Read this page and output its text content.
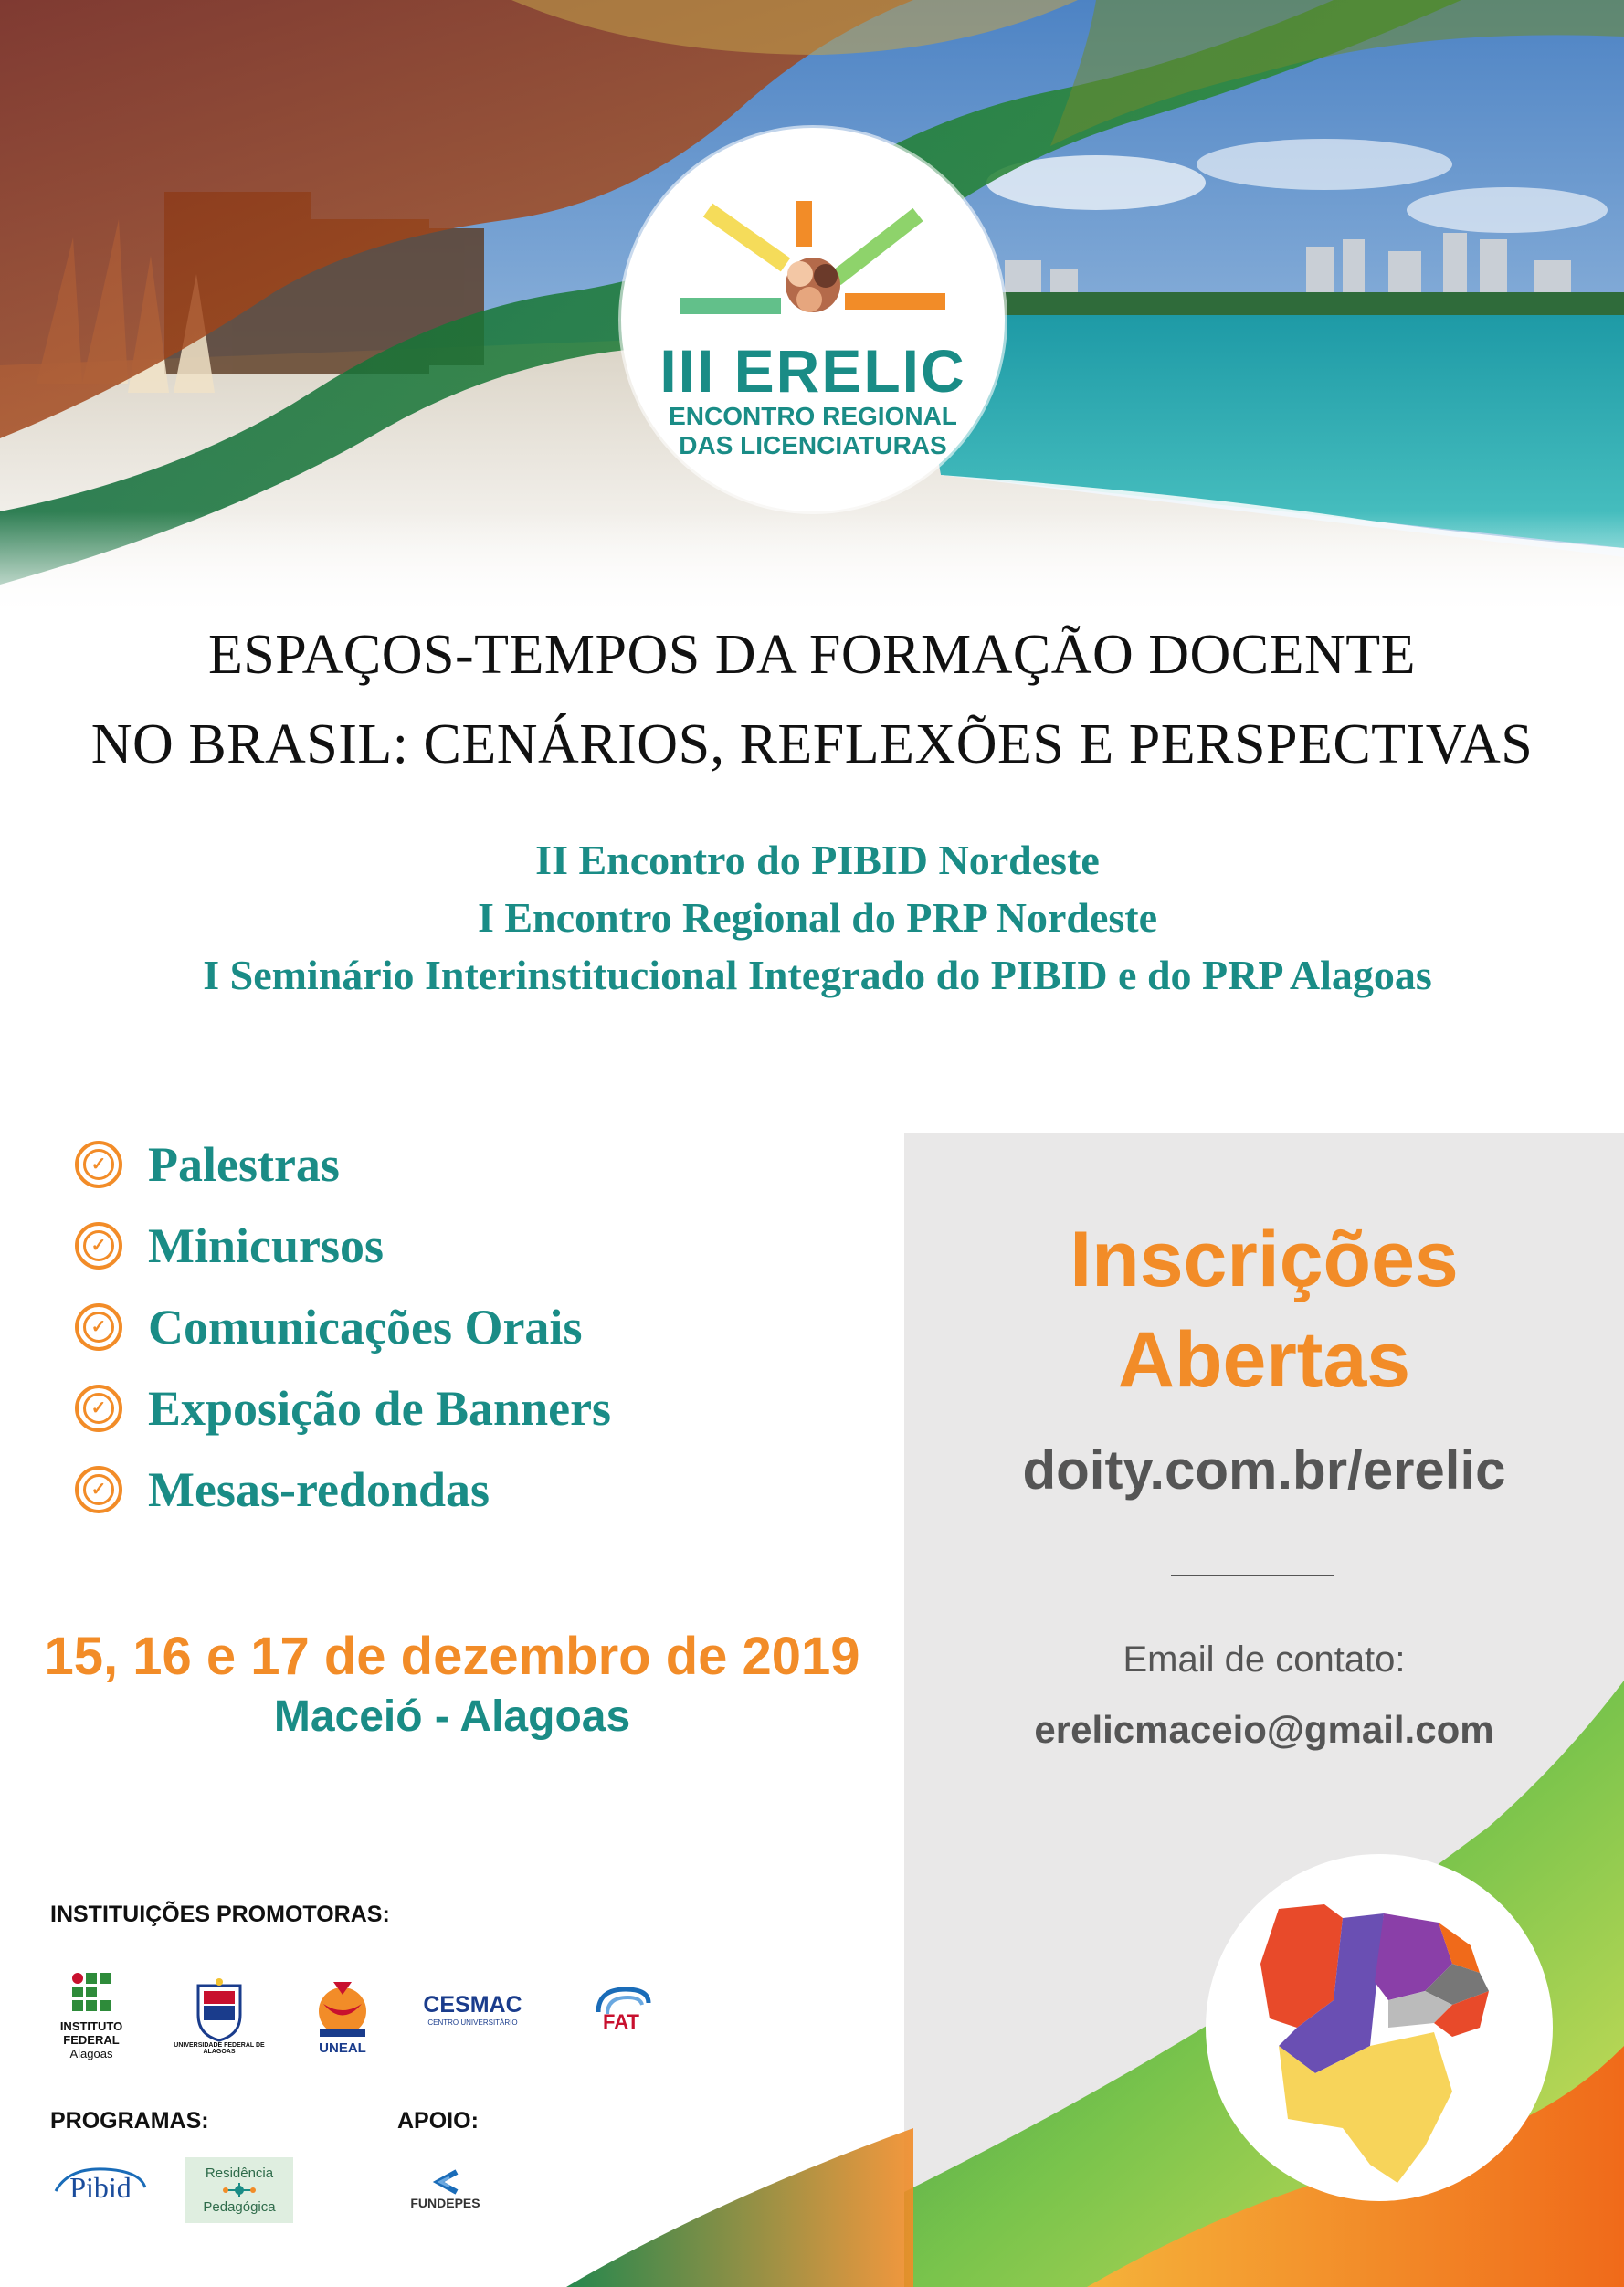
III ERELIC
ENCONTRO REGIONAL
DAS LICENCIATURAS
ESPAÇOS-TEMPOS DA FORMAÇÃO DOCENTE
NO BRASIL: CENÁRIOS, REFLEXÕES E PERSPECTIVAS
II Encontro do PIBID Nordeste
I Encontro Regional do PRP Nordeste
I Seminário Interinstitucional Integrado do PIBID e do PRP Alagoas
✓ Palestras
✓ Minicursos
✓ Comunicações Orais
✓ Exposição de Banners
✓ Mesas-redondas
15, 16 e 17 de dezembro de 2019
Maceió - Alagoas
Inscrições
Abertas
doity.com.br/erelic
Email de contato:
erelicmaceio@gmail.com
INSTITUIÇÕES PROMOTORAS:
INSTITUTO
FEDERAL
Alagoas
UNIVERSIDADE FEDERAL DE ALAGOAS	UNEAL
CESMAC
CENTRO UNIVERSITÁRIO	FAT
PROGRAMAS:
Pibid	Residência
Pedagógica
APOIO:
FUNDEPES
